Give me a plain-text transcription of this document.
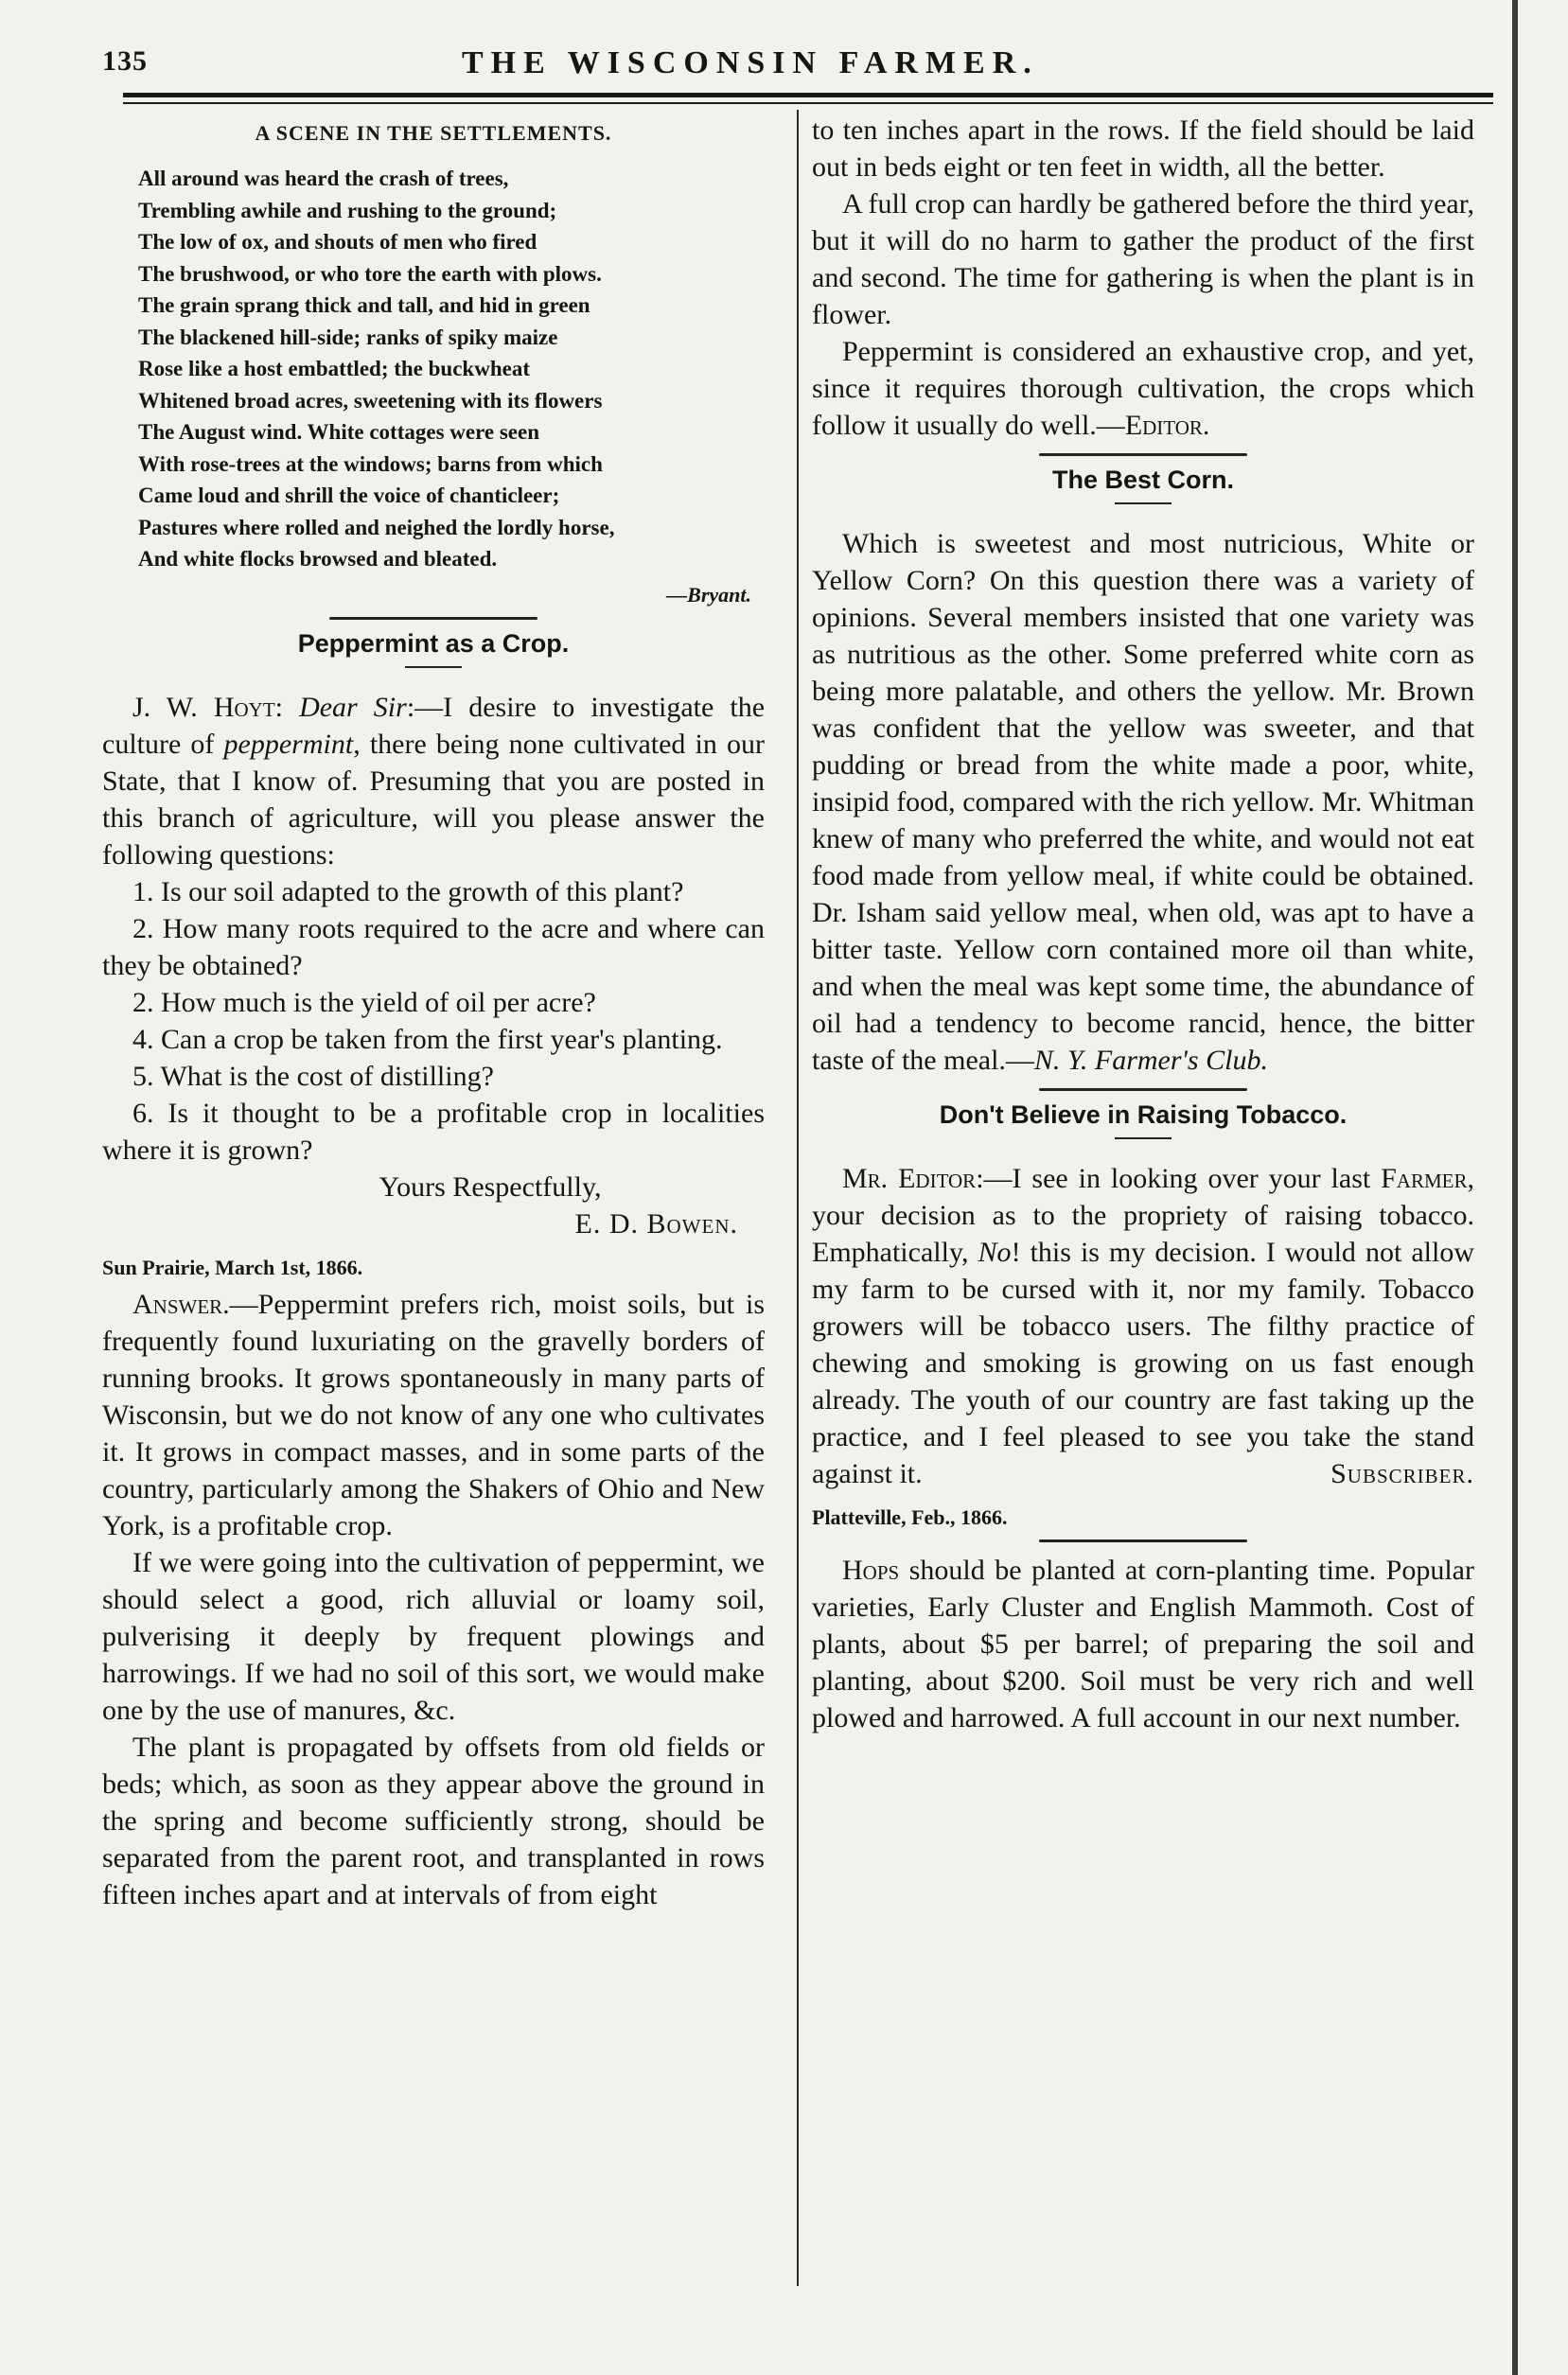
135	THE WISCONSIN FARMER.
A SCENE IN THE SETTLEMENTS.
All around was heard the crash of trees,
Trembling awhile and rushing to the ground;
The low of ox, and shouts of men who fired
The brushwood, or who tore the earth with plows.
The grain sprang thick and tall, and hid in green
The blackened hill-side; ranks of spiky maize
Rose like a host embattled; the buckwheat
Whitened broad acres, sweetening with its flowers
The August wind. White cottages were seen
With rose-trees at the windows; barns from which
Came loud and shrill the voice of chanticleer;
Pastures where rolled and neighed the lordly horse,
And white flocks browsed and bleated.
—Bryant.
Peppermint as a Crop.

J. W. Hoyt: Dear Sir:—I desire to investigate the culture of peppermint, there being none cultivated in our State, that I know of. Presuming that you are posted in this branch of agriculture, will you please answer the following questions:

1. Is our soil adapted to the growth of this plant?

2. How many roots required to the acre and where can they be obtained?

2. How much is the yield of oil per acre?

4. Can a crop be taken from the first year's planting.

5. What is the cost of distilling?

6. Is it thought to be a profitable crop in localities where it is grown?

Yours Respectfully,

E. D. Bowen.

Sun Prairie, March 1st, 1866.

Answer.—Peppermint prefers rich, moist soils, but is frequently found luxuriating on the gravelly borders of running brooks. It grows spontaneously in many parts of Wisconsin, but we do not know of any one who cultivates it. It grows in compact masses, and in some parts of the country, particularly among the Shakers of Ohio and New York, is a profitable crop.

If we were going into the cultivation of peppermint, we should select a good, rich alluvial or loamy soil, pulverising it deeply by frequent plowings and harrowings. If we had no soil of this sort, we would make one by the use of manures, &c.

The plant is propagated by offsets from old fields or beds; which, as soon as they appear above the ground in the spring and become sufficiently strong, should be separated from the parent root, and transplanted in rows fifteen inches apart and at intervals of from eight

to ten inches apart in the rows. If the field should be laid out in beds eight or ten feet in width, all the better.

A full crop can hardly be gathered before the third year, but it will do no harm to gather the product of the first and second. The time for gathering is when the plant is in flower.

Peppermint is considered an exhaustive crop, and yet, since it requires thorough cultivation, the crops which follow it usually do well.—Editor.

The Best Corn.

Which is sweetest and most nutricious, White or Yellow Corn? On this question there was a variety of opinions. Several members insisted that one variety was as nutritious as the other. Some preferred white corn as being more palatable, and others the yellow. Mr. Brown was confident that the yellow was sweeter, and that pudding or bread from the white made a poor, white, insipid food, compared with the rich yellow. Mr. Whitman knew of many who preferred the white, and would not eat food made from yellow meal, if white could be obtained. Dr. Isham said yellow meal, when old, was apt to have a bitter taste. Yellow corn contained more oil than white, and when the meal was kept some time, the abundance of oil had a tendency to become rancid, hence, the bitter taste of the meal.—N. Y. Farmer's Club.

Don't Believe in Raising Tobacco.

Mr. Editor:—I see in looking over your last Farmer, your decision as to the propriety of raising tobacco. Emphatically, No! this is my decision. I would not allow my farm to be cursed with it, nor my family. Tobacco growers will be tobacco users. The filthy practice of chewing and smoking is growing on us fast enough already. The youth of our country are fast taking up the practice, and I feel pleased to see you take the stand against it.	Subscriber.

Platteville, Feb., 1866.

Hops should be planted at corn-planting time. Popular varieties, Early Cluster and English Mammoth. Cost of plants, about $5 per barrel; of preparing the soil and planting, about $200. Soil must be very rich and well plowed and harrowed. A full account in our next number.
